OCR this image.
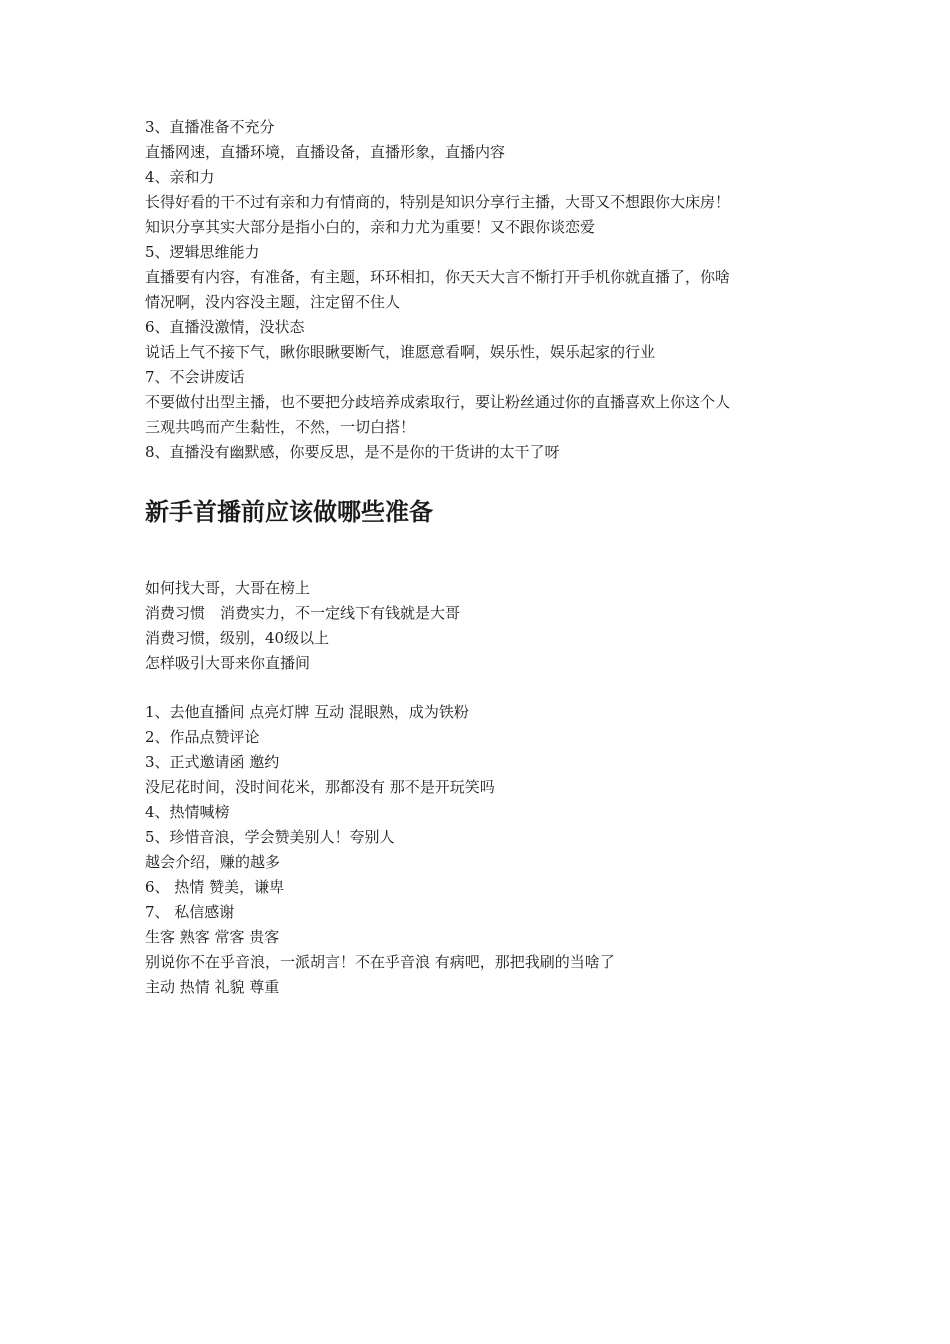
3、直播准备不充分
直播网速，直播环境，直播设备，直播形象，直播内容
4、亲和力
长得好看的干不过有亲和力有情商的，特别是知识分享行主播，大哥又不想跟你大床房！
知识分享其实大部分是指小白的，亲和力尤为重要！又不跟你谈恋爱
5、逻辑思维能力
直播要有内容，有准备，有主题，环环相扣，你天天大言不惭打开手机你就直播了，你啥
情况啊，没内容没主题，注定留不住人
6、直播没激情，没状态
说话上气不接下气，瞅你眼瞅要断气，谁愿意看啊，娱乐性，娱乐起家的行业
7、不会讲废话
不要做付出型主播，也不要把分歧培养成索取行，要让粉丝通过你的直播喜欢上你这个人
三观共鸣而产生黏性，不然，一切白搭！
8、直播没有幽默感，你要反思，是不是你的干货讲的太干了呀
新手首播前应该做哪些准备
如何找大哥，大哥在榜上
消费习惯　消费实力，不一定线下有钱就是大哥
消费习惯，级别，40级以上
怎样吸引大哥来你直播间
1、去他直播间 点亮灯牌 互动 混眼熟，成为铁粉
2、作品点赞评论
3、正式邀请函 邀约
没尼花时间，没时间花米，那都没有 那不是开玩笑吗
4、热情喊榜
5、珍惜音浪，学会赞美别人！夸别人
越会介绍，赚的越多
6、 热情 赞美，谦卑
7、 私信感谢
生客 熟客 常客 贵客
别说你不在乎音浪，一派胡言！不在乎音浪 有病吧，那把我刷的当啥了
主动 热情 礼貌 尊重
